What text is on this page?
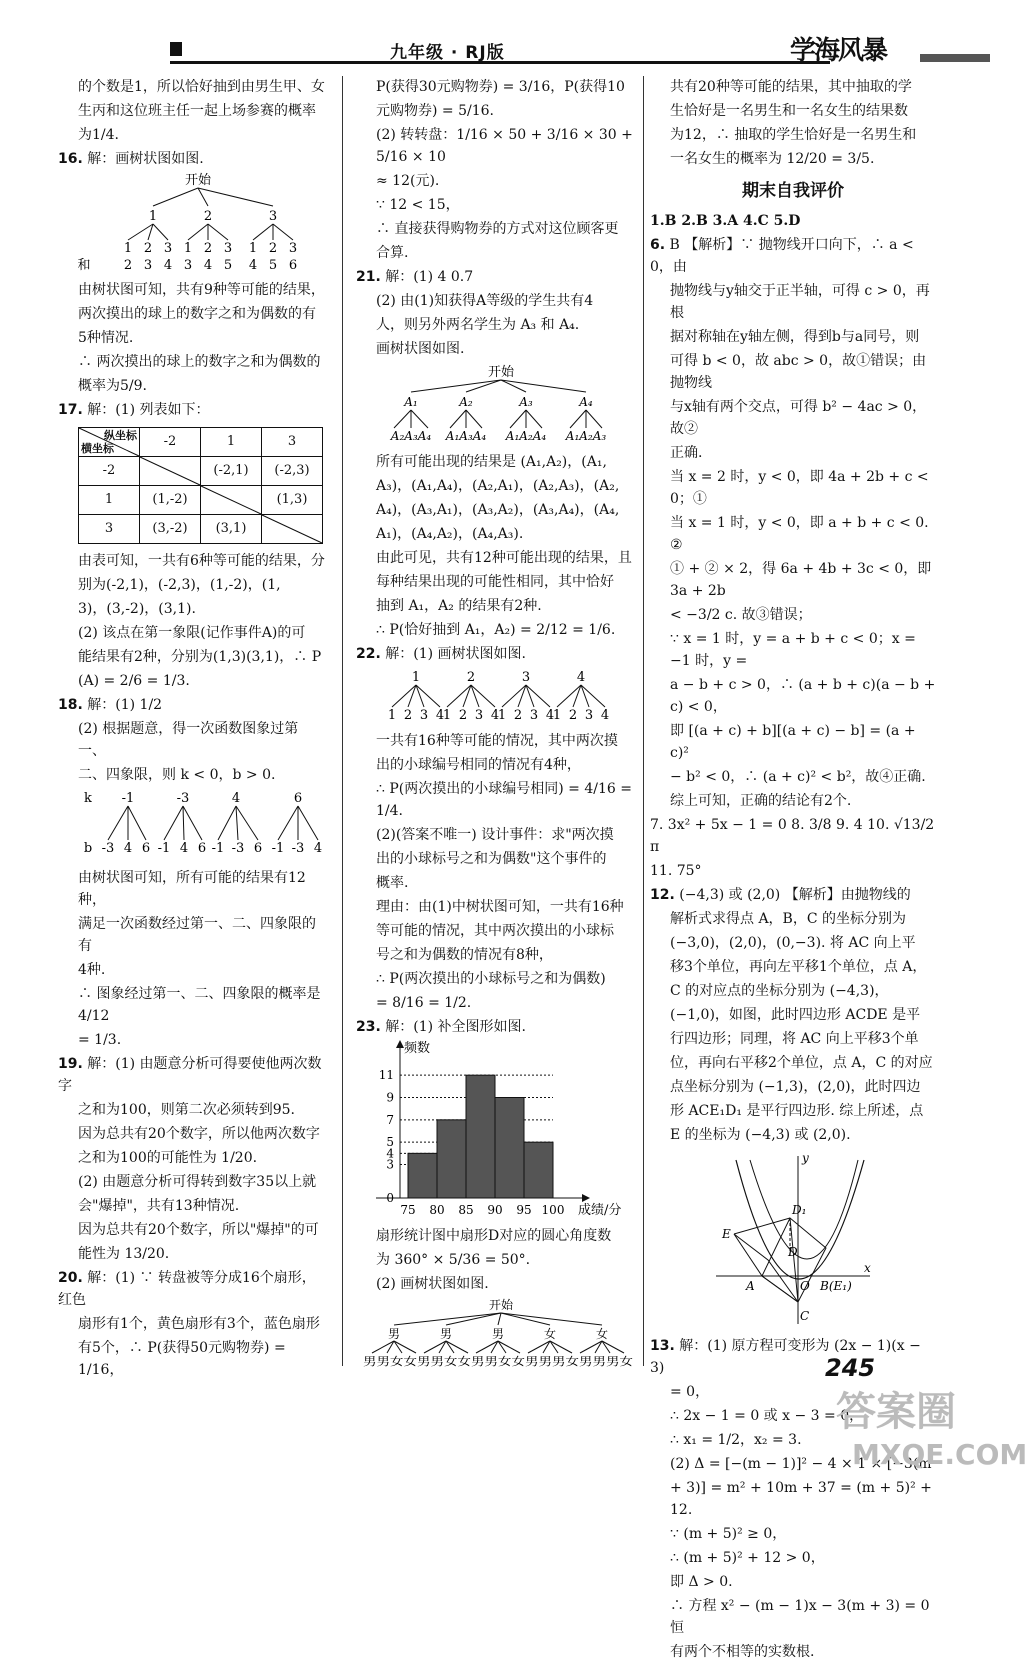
九年级 · RJ版	学海风暴

的个数是1，所以恰好抽到由男生甲、女

生丙和这位班主任一起上场参赛的概率

为1/4.

16. 解：画树状图如图.

开始
1	2	3
1 2 3 1 2 3 1 2 3
和	2 3 4 3 4 5 4 5 6

由树状图可知，共有9种等可能的结果，

两次摸出的球上的数字之和为偶数的有

5种情况.

∴ 两次摸出的球上的数字之和为偶数的

概率为5/9.

17. 解：(1) 列表如下：

纵坐标
横坐标	-2	1	3
-2		(-2,1)	(-2,3)
1	(1,-2)		(1,3)
3	(3,-2)	(3,1)	

由表可知，一共有6种等可能的结果，分

别为(-2,1)，(-2,3)，(1,-2)，(1,

3)，(3,-2)，(3,1).

(2) 该点在第一象限(记作事件A)的可

能结果有2种，分别为(1,3)(3,1)，∴ P

(A) = 2/6 = 1/3.

18. 解：(1) 1/2

(2) 根据题意，得一次函数图象过第一、

二、四象限，则 k < 0，b > 0.

k -1	-3	4	6
b -3 4 6 -1 4 6 -1 -3 6 -1 -3 4

由树状图可知，所有可能的结果有12种，

满足一次函数经过第一、二、四象限的有

4种.

∴ 图象经过第一、二、四象限的概率是 4/12

= 1/3.

19. 解：(1) 由题意分析可得要使他两次数字

之和为100，则第二次必须转到95.

因为总共有20个数字，所以他两次数字

之和为100的可能性为 1/20.

(2) 由题意分析可得转到数字35以上就

会"爆掉"，共有13种情况.

因为总共有20个数字，所以"爆掉"的可

能性为 13/20.

20. 解：(1) ∵ 转盘被等分成16个扇形，红色

扇形有1个，黄色扇形有3个，蓝色扇形

有5个，∴ P(获得50元购物券) = 1/16，

P(获得30元购物券) = 3/16，P(获得10

元购物券) = 5/16.

(2) 转转盘：1/16 × 50 + 3/16 × 30 + 5/16 × 10

≈ 12(元).

∵ 12 < 15，

∴ 直接获得购物券的方式对这位顾客更

合算.

21. 解：(1) 4 0.7

(2) 由(1)知获得A等级的学生共有4

人，则另外两名学生为 A₃ 和 A₄.

画树状图如图.

开始
A₁	A₂	A₃	A₄
A₂A₃A₄ A₁A₃A₄ A₁A₂A₄ A₁A₂A₃

所有可能出现的结果是 (A₁,A₂)，(A₁,

A₃)，(A₁,A₄)，(A₂,A₁)，(A₂,A₃)，(A₂,

A₄)，(A₃,A₁)，(A₃,A₂)，(A₃,A₄)，(A₄,

A₁)，(A₄,A₂)，(A₄,A₃).

由此可见，共有12种可能出现的结果，且

每种结果出现的可能性相同，其中恰好

抽到 A₁，A₂ 的结果有2种.

∴ P(恰好抽到 A₁，A₂) = 2/12 = 1/6.

22. 解：(1) 画树状图如图.

1	2	3	4
1 2 3 4
1 2 3 4
1 2 3 4
1 2 3 4

一共有16种等可能的情况，其中两次摸

出的小球编号相同的情况有4种，

∴ P(两次摸出的小球编号相同) = 4/16 = 1/4.

(2)(答案不唯一) 设计事件：求"两次摸

出的小球标号之和为偶数"这个事件的

概率.

理由：由(1)中树状图可知，一共有16种

等可能的情况，其中两次摸出的小球标

号之和为偶数的情况有8种，

∴ P(两次摸出的小球标号之和为偶数)

= 8/16 = 1/2.

23. 解：(1) 补全图形如图.

频数
成绩/分
0
3
4
5
7
9
11
75 80 85 90 95 100

扇形统计图中扇形D对应的圆心角度数

为 360° × 5/36 = 50°.

(2) 画树状图如图.

开始
男	男	男	女	女
男男女女男男女女男男女女男男男女男男男女

共有20种等可能的结果，其中抽取的学

生恰好是一名男生和一名女生的结果数

为12，∴ 抽取的学生恰好是一名男生和

一名女生的概率为 12/20 = 3/5.

期末自我评价

1.B 2.B 3.A 4.C 5.D

6. B 【解析】∵ 抛物线开口向下，∴ a < 0，由

抛物线与y轴交于正半轴，可得 c > 0，再根

据对称轴在y轴左侧，得到b与a同号，则

可得 b < 0，故 abc > 0，故①错误；由抛物线

与x轴有两个交点，可得 b² − 4ac > 0，故②

正确.

当 x = 2 时，y < 0，即 4a + 2b + c < 0；①

当 x = 1 时，y < 0，即 a + b + c < 0. ②

① + ② × 2，得 6a + 4b + 3c < 0，即 3a + 2b

< −3/2 c. 故③错误；

∵ x = 1 时，y = a + b + c < 0；x = −1 时，y =

a − b + c > 0，∴ (a + b + c)(a − b + c) < 0，

即 [(a + c) + b][(a + c) − b] = (a + c)²

− b² < 0，∴ (a + c)² < b²，故④正确.

综上可知，正确的结论有2个.

7. 3x² + 5x − 1 = 0 8. 3/8 9. 4 10. √13/2 π

11. 75°

12. (−4,3) 或 (2,0) 【解析】由抛物线的

解析式求得点 A，B，C 的坐标分别为

(−3,0)，(2,0)，(0,−3). 将 AC 向上平

移3个单位，再向左平移1个单位，点 A，

C 的对应点的坐标分别为 (−4,3)，

(−1,0)，如图，此时四边形 ACDE 是平

行四边形；同理，将 AC 向上平移3个单

位，再向右平移2个单位，点 A，C 的对应

点坐标分别为 (−1,3)，(2,0)，此时四边

形 ACE₁D₁ 是平行四边形. 综上所述，点

E 的坐标为 (−4,3) 或 (2,0).

y
x
E
D₁
D
A	O B(E₁)
C

13. 解：(1) 原方程可变形为 (2x − 1)(x − 3)

= 0，

∴ 2x − 1 = 0 或 x − 3 = 0，

∴ x₁ = 1/2，x₂ = 3.

(2) Δ = [−(m − 1)]² − 4 × 1 × [−3(m

+ 3)] = m² + 10m + 37 = (m + 5)² + 12.

∵ (m + 5)² ≥ 0，

∴ (m + 5)² + 12 > 0，

即 Δ > 0.

∴ 方程 x² − (m − 1)x − 3(m + 3) = 0 恒

有两个不相等的实数根.

245
答案圈
MXQE.COM
